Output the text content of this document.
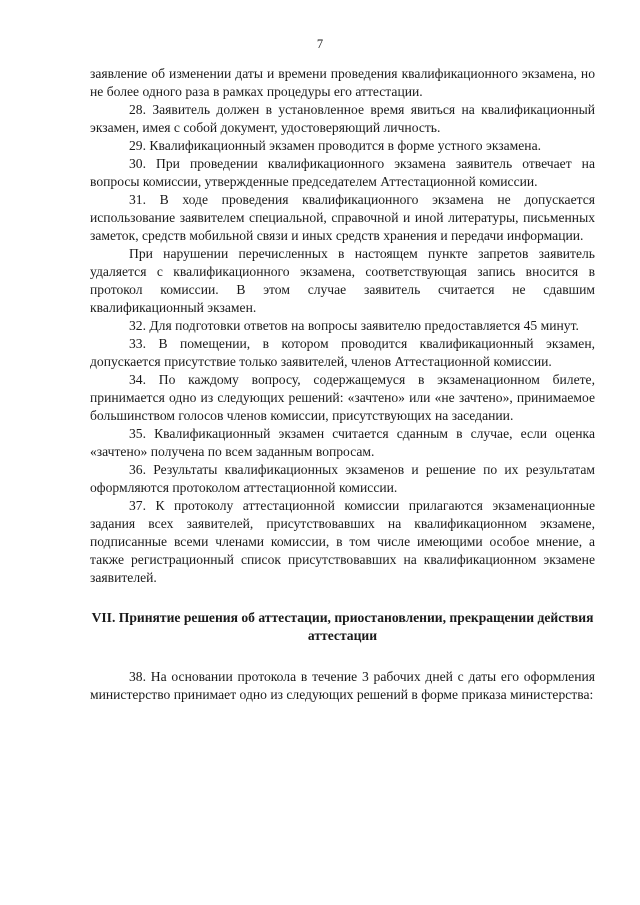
7

заявление об изменении даты и времени проведения квалификационного экзамена, но не более одного раза в рамках процедуры его аттестации.

28. Заявитель должен в установленное время явиться на квалификационный экзамен, имея с собой документ, удостоверяющий личность.

29. Квалификационный экзамен проводится в форме устного экзамена.

30. При проведении квалификационного экзамена заявитель отвечает на вопросы комиссии, утвержденные председателем Аттестационной комиссии.

31. В ходе проведения квалификационного экзамена не допускается использование заявителем специальной, справочной и иной литературы, письменных заметок, средств мобильной связи и иных средств хранения и передачи информации.

При нарушении перечисленных в настоящем пункте запретов заявитель удаляется с квалификационного экзамена, соответствующая запись вносится в протокол комиссии. В этом случае заявитель считается не сдавшим квалификационный экзамен.

32. Для подготовки ответов на вопросы заявителю предоставляется 45 минут.

33. В помещении, в котором проводится квалификационный экзамен, допускается присутствие только заявителей, членов Аттестационной комиссии.

34. По каждому вопросу, содержащемуся в экзаменационном билете, принимается одно из следующих решений: «зачтено» или «не зачтено», принимаемое большинством голосов членов комиссии, присутствующих на заседании.

35. Квалификационный экзамен считается сданным в случае, если оценка «зачтено» получена по всем заданным вопросам.

36. Результаты квалификационных экзаменов и решение по их результатам оформляются протоколом аттестационной комиссии.

37. К протоколу аттестационной комиссии прилагаются экзаменационные задания всех заявителей, присутствовавших на квалификационном экзамене, подписанные всеми членами комиссии, в том числе имеющими особое мнение, а также регистрационный список присутствовавших на квалификационном экзамене заявителей.

VII. Принятие решения об аттестации, приостановлении, прекращении действия аттестации

38. На основании протокола в течение 3 рабочих дней с даты его оформления министерство принимает одно из следующих решений в форме приказа министерства:
